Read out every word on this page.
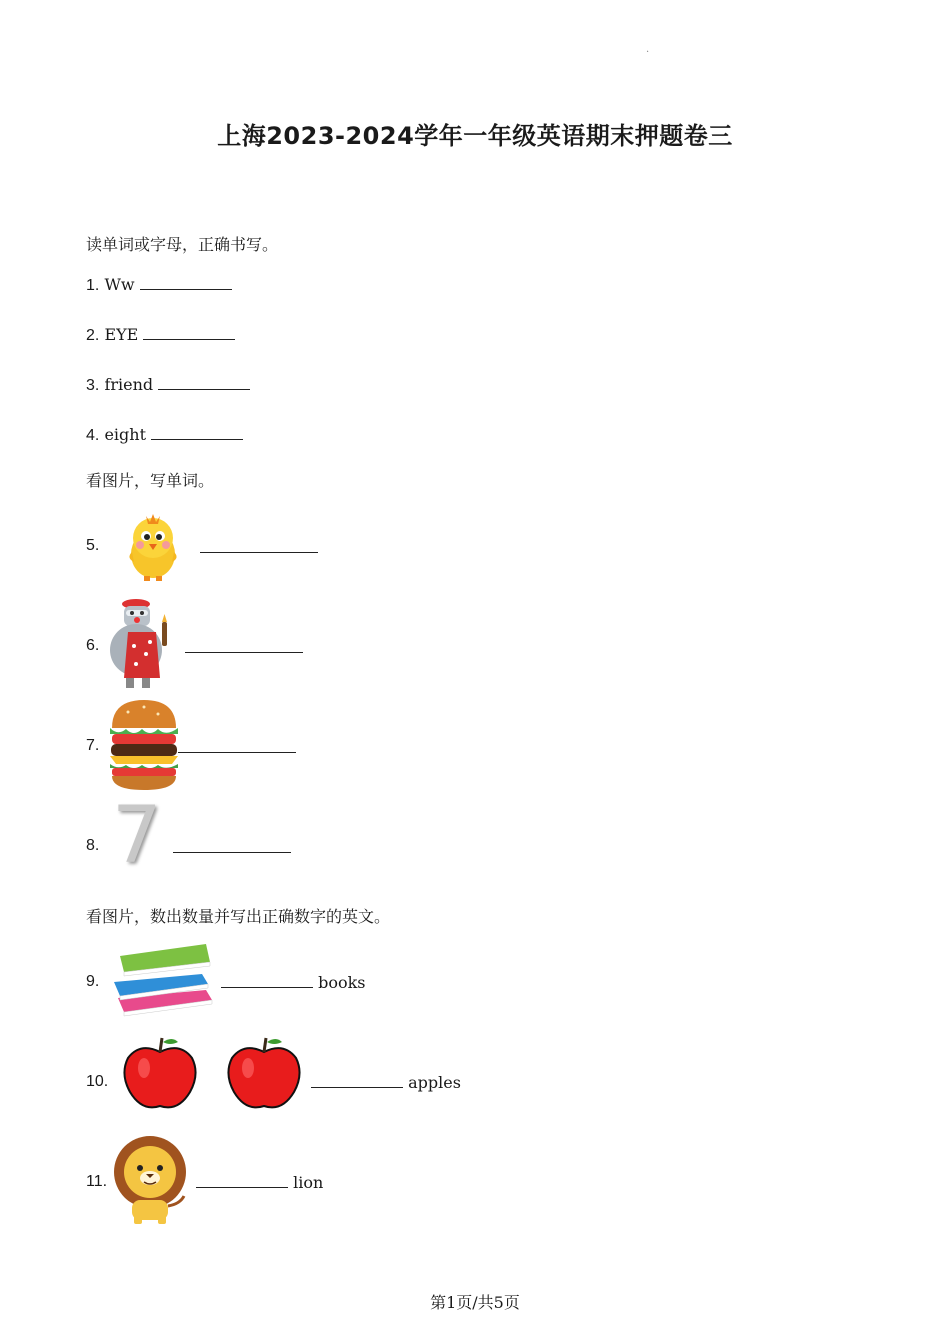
.
上海2023-2024学年一年级英语期末押题卷三
读单词或字母，正确书写。
1. Ww
2. EYE
3. friend
4. eight
看图片，写单词。
5.
6.
7.
8. 7
看图片，数出数量并写出正确数字的英文。
9.	books
10.	apples
11.	lion
第1页/共5页
